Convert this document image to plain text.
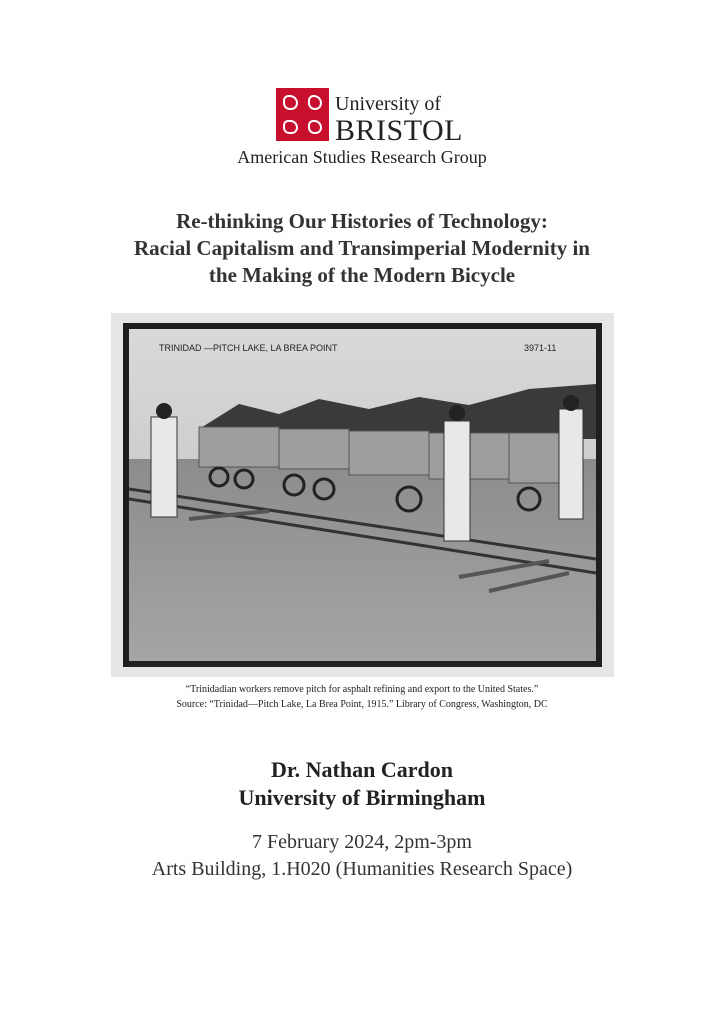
University of
BRISTOL
American Studies Research Group
Re-thinking Our Histories of Technology:
Racial Capitalism and Transimperial Modernity in
the Making of the Modern Bicycle
TRINIDAD —PITCH LAKE, LA BREA POINT	3971-11
“Trinidadian workers remove pitch for asphalt refining and export to the United States.”
Source: “Trinidad—Pitch Lake, La Brea Point, 1915.” Library of Congress, Washington, DC
Dr. Nathan Cardon
University of Birmingham
7 February 2024, 2pm-3pm
Arts Building, 1.H020 (Humanities Research Space)
